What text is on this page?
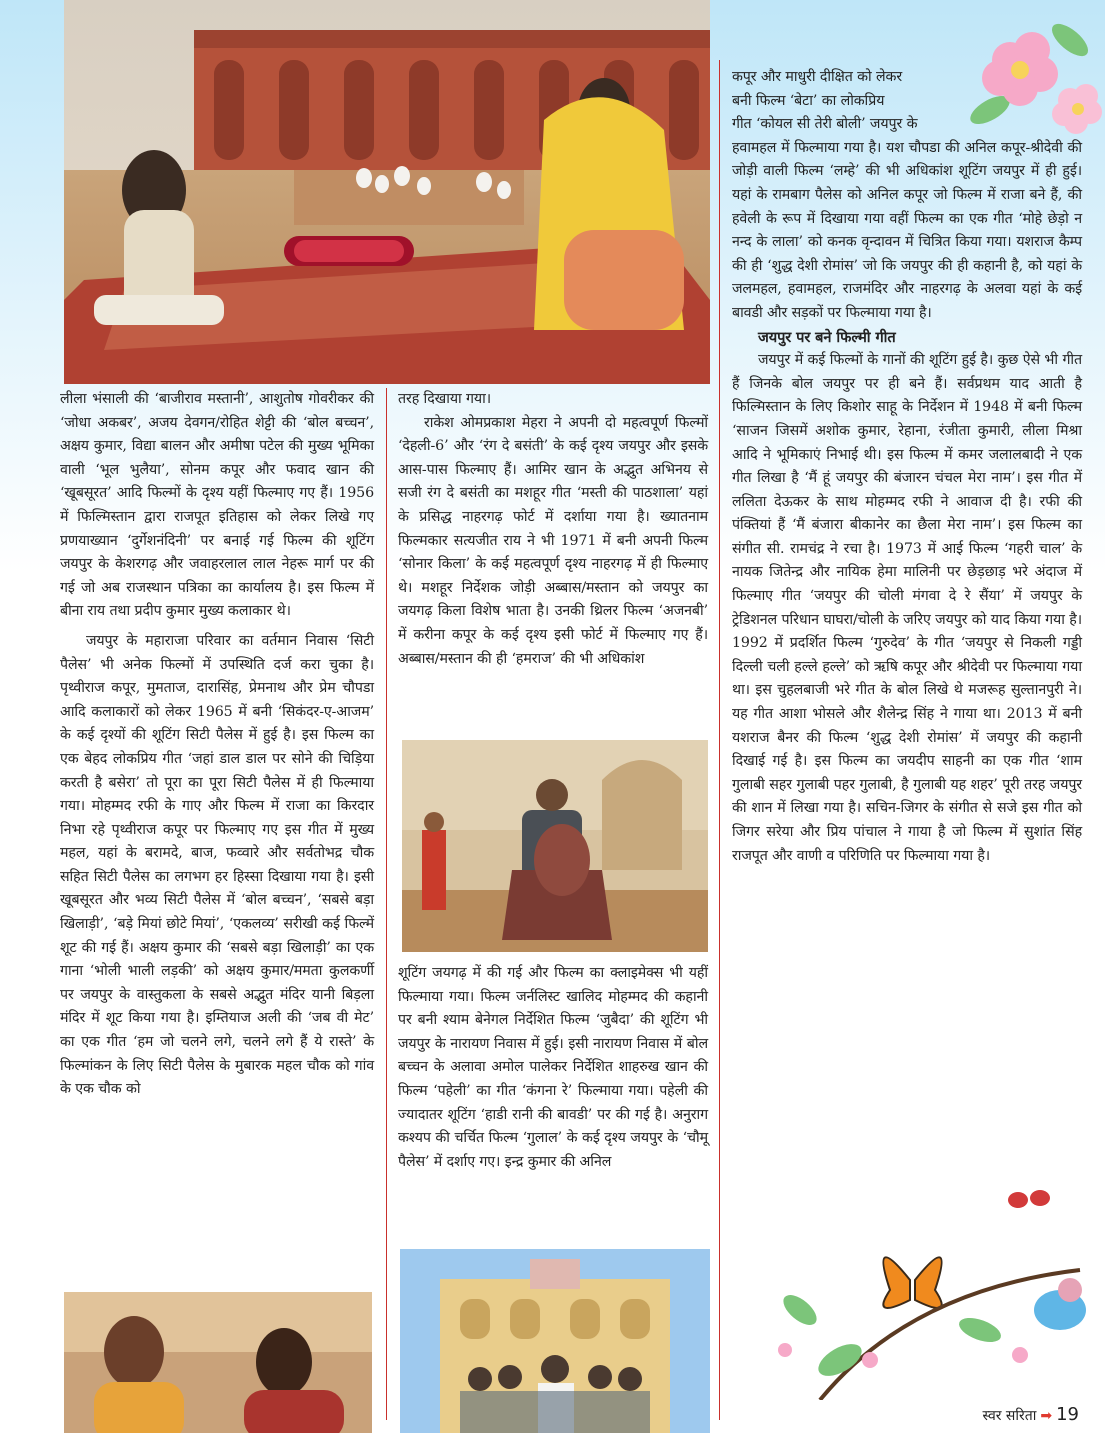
कपूर और माधुरी दीक्षित को लेकर

बनी फिल्म ‘बेटा’ का लोकप्रिय

गीत ‘कोयल सी तेरी बोली’ जयपुर के

हवामहल में फिल्माया गया है। यश चौपडा की अनिल कपूर-श्रीदेवी की जोड़ी वाली फिल्म ‘लम्हे’ की भी अधिकांश शूटिंग जयपुर में ही हुई। यहां के रामबाग पैलेस को अनिल कपूर जो फिल्म में राजा बने हैं, की हवेली के रूप में दिखाया गया वहीं फिल्म का एक गीत ‘मोहे छेड़ो न नन्द के लाला’ को कनक वृन्दावन में चित्रित किया गया। यशराज कैम्प की ही ‘शुद्ध देशी रोमांस’ जो कि जयपुर की ही कहानी है, को यहां के जलमहल, हवामहल, राजमंदिर और नाहरगढ़ के अलवा यहां के कई बावडी और सड़कों पर फिल्माया गया है।

जयपुर पर बने फिल्मी गीत

जयपुर में कई फिल्मों के गानों की शूटिंग हुई है। कुछ ऐसे भी गीत हैं जिनके बोल जयपुर पर ही बने हैं। सर्वप्रथम याद आती है फिल्मिस्तान के लिए किशोर साहू के निर्देशन में 1948 में बनी फिल्म ‘साजन जिसमें अशोक कुमार, रेहाना, रंजीता कुमारी, लीला मिश्रा आदि ने भूमिकाएं निभाई थी। इस फिल्म में कमर जलालबादी ने एक गीत लिखा है ‘मैं हूं जयपुर की बंजारन चंचल मेरा नाम’। इस गीत में ललिता देऊकर के साथ मोहम्मद रफी ने आवाज दी है। रफी की पंक्तियां हैं ‘मैं बंजारा बीकानेर का छैला मेरा नाम’। इस फिल्म का संगीत सी. रामचंद्र ने रचा है। 1973 में आई फिल्म ‘गहरी चाल’ के नायक जितेन्द्र और नायिक हेमा मालिनी पर छेड़छाड़ भरे अंदाज में फिल्माए गीत ‘जयपुर की चोली मंगवा दे रे सैंया’ में जयपुर के ट्रेडिशनल परिधान घाघरा/चोली के जरिए जयपुर को याद किया गया है। 1992 में प्रदर्शित फिल्म ‘गुरुदेव’ के गीत ‘जयपुर से निकली गड्डी दिल्ली चली हल्ले हल्ले’ को ऋषि कपूर और श्रीदेवी पर फिल्माया गया था। इस चुहलबाजी भरे गीत के बोल लिखे थे मजरूह सुल्तानपुरी ने। यह गीत आशा भोसले और शैलेन्द्र सिंह ने गाया था। 2013 में बनी यशराज बैनर की फिल्म ‘शुद्ध देशी रोमांस’ में जयपुर की कहानी दिखाई गई है। इस फिल्म का जयदीप साहनी का एक गीत ‘शाम गुलाबी सहर गुलाबी पहर गुलाबी, है गुलाबी यह शहर’ पूरी तरह जयपुर की शान में लिखा गया है। सचिन-जिगर के संगीत से सजे इस गीत को जिगर सरेया और प्रिय पांचाल ने गाया है जो फिल्म में सुशांत सिंह राजपूत और वाणी व परिणिति पर फिल्माया गया है।

लीला भंसाली की ‘बाजीराव मस्तानी’, आशुतोष गोवरीकर की ‘जोधा अकबर’, अजय देवगन/रोहित शेट्टी की ‘बोल बच्चन’, अक्षय कुमार, विद्या बालन और अमीषा पटेल की मुख्य भूमिका वाली ‘भूल भुलैया’, सोनम कपूर और फवाद खान की ‘खूबसूरत’ आदि फिल्मों के दृश्य यहीं फिल्माए गए हैं। 1956 में फिल्मिस्तान द्वारा राजपूत इतिहास को लेकर लिखे गए प्रणयाख्यान ‘दुर्गेशनंदिनी’ पर बनाई गई फिल्म की शूटिंग जयपुर के केशरगढ़ और जवाहरलाल लाल नेहरू मार्ग पर की गई जो अब राजस्थान पत्रिका का कार्यालय है। इस फिल्म में बीना राय तथा प्रदीप कुमार मुख्य कलाकार थे।

जयपुर के महाराजा परिवार का वर्तमान निवास ‘सिटी पैलेस’ भी अनेक फिल्मों में उपस्थिति दर्ज करा चुका है। पृथ्वीराज कपूर, मुमताज, दारासिंह, प्रेमनाथ और प्रेम चौपडा आदि कलाकारों को लेकर 1965 में बनी ‘सिकंदर-ए-आजम’ के कई दृश्यों की शूटिंग सिटी पैलेस में हुई है। इस फिल्म का एक बेहद लोकप्रिय गीत ‘जहां डाल डाल पर सोने की चिड़िया करती है बसेरा’ तो पूरा का पूरा सिटी पैलेस में ही फिल्माया गया। मोहम्मद रफी के गाए और फिल्म में राजा का किरदार निभा रहे पृथ्वीराज कपूर पर फिल्माए गए इस गीत में मुख्य महल, यहां के बरामदे, बाज, फव्वारे और सर्वतोभद्र चौक सहित सिटी पैलेस का लगभग हर हिस्सा दिखाया गया है। इसी खूबसूरत और भव्य सिटी पैलेस में ‘बोल बच्चन’, ‘सबसे बड़ा खिलाड़ी’, ‘बड़े मियां छोटे मियां’, ‘एकलव्य’ सरीखी कई फिल्में शूट की गई हैं। अक्षय कुमार की ‘सबसे बड़ा खिलाड़ी’ का एक गाना ‘भोली भाली लड़की’ को अक्षय कुमार/ममता कुलकर्णी पर जयपुर के वास्तुकला के सबसे अद्भुत मंदिर यानी बिड़ला मंदिर में शूट किया गया है। इम्तियाज अली की ‘जब वी मेट’ का एक गीत ‘हम जो चलने लगे, चलने लगे हैं ये रास्ते’ के फिल्मांकन के लिए सिटी पैलेस के मुबारक महल चौक को गांव के एक चौक को

तरह दिखाया गया।

राकेश ओमप्रकाश मेहरा ने अपनी दो महत्वपूर्ण फिल्मों ‘देहली-6’ और ‘रंग दे बसंती’ के कई दृश्य जयपुर और इसके आस-पास फिल्माए हैं। आमिर खान के अद्भुत अभिनय से सजी रंग दे बसंती का मशहूर गीत ‘मस्ती की पाठशाला’ यहां के प्रसिद्ध नाहरगढ़ फोर्ट में दर्शाया गया है। ख्यातनाम फिल्मकार सत्यजीत राय ने भी 1971 में बनी अपनी फिल्म ‘सोनार किला’ के कई महत्वपूर्ण दृश्य नाहरगढ़ में ही फिल्माए थे। मशहूर निर्देशक जोड़ी अब्बास/मस्तान को जयपुर का जयगढ़ किला विशेष भाता है। उनकी थ्रिलर फिल्म ‘अजनबी’ में करीना कपूर के कई दृश्य इसी फोर्ट में फिल्माए गए हैं। अब्बास/मस्तान की ही ‘हमराज’ की भी अधिकांश

शूटिंग जयगढ़ में की गई और फिल्म का क्लाइमेक्स भी यहीं फिल्माया गया। फिल्म जर्नलिस्ट खालिद मोहम्मद की कहानी पर बनी श्याम बेनेगल निर्देशित फिल्म ‘जुबैदा’ की शूटिंग भी जयपुर के नारायण निवास में हुई। इसी नारायण निवास में बोल बच्चन के अलावा अमोल पालेकर निर्देशित शाहरुख खान की फिल्म ‘पहेली’ का गीत ‘कंगना रे’ फिल्माया गया। पहेली की ज्यादातर शूटिंग ‘हाडी रानी की बावडी’ पर की गई है। अनुराग कश्यप की चर्चित फिल्म ‘गुलाल’ के कई दृश्य जयपुर के ‘चौमू पैलेस’ में दर्शाए गए। इन्द्र कुमार की अनिल

स्वर सरिता ➡ 19
